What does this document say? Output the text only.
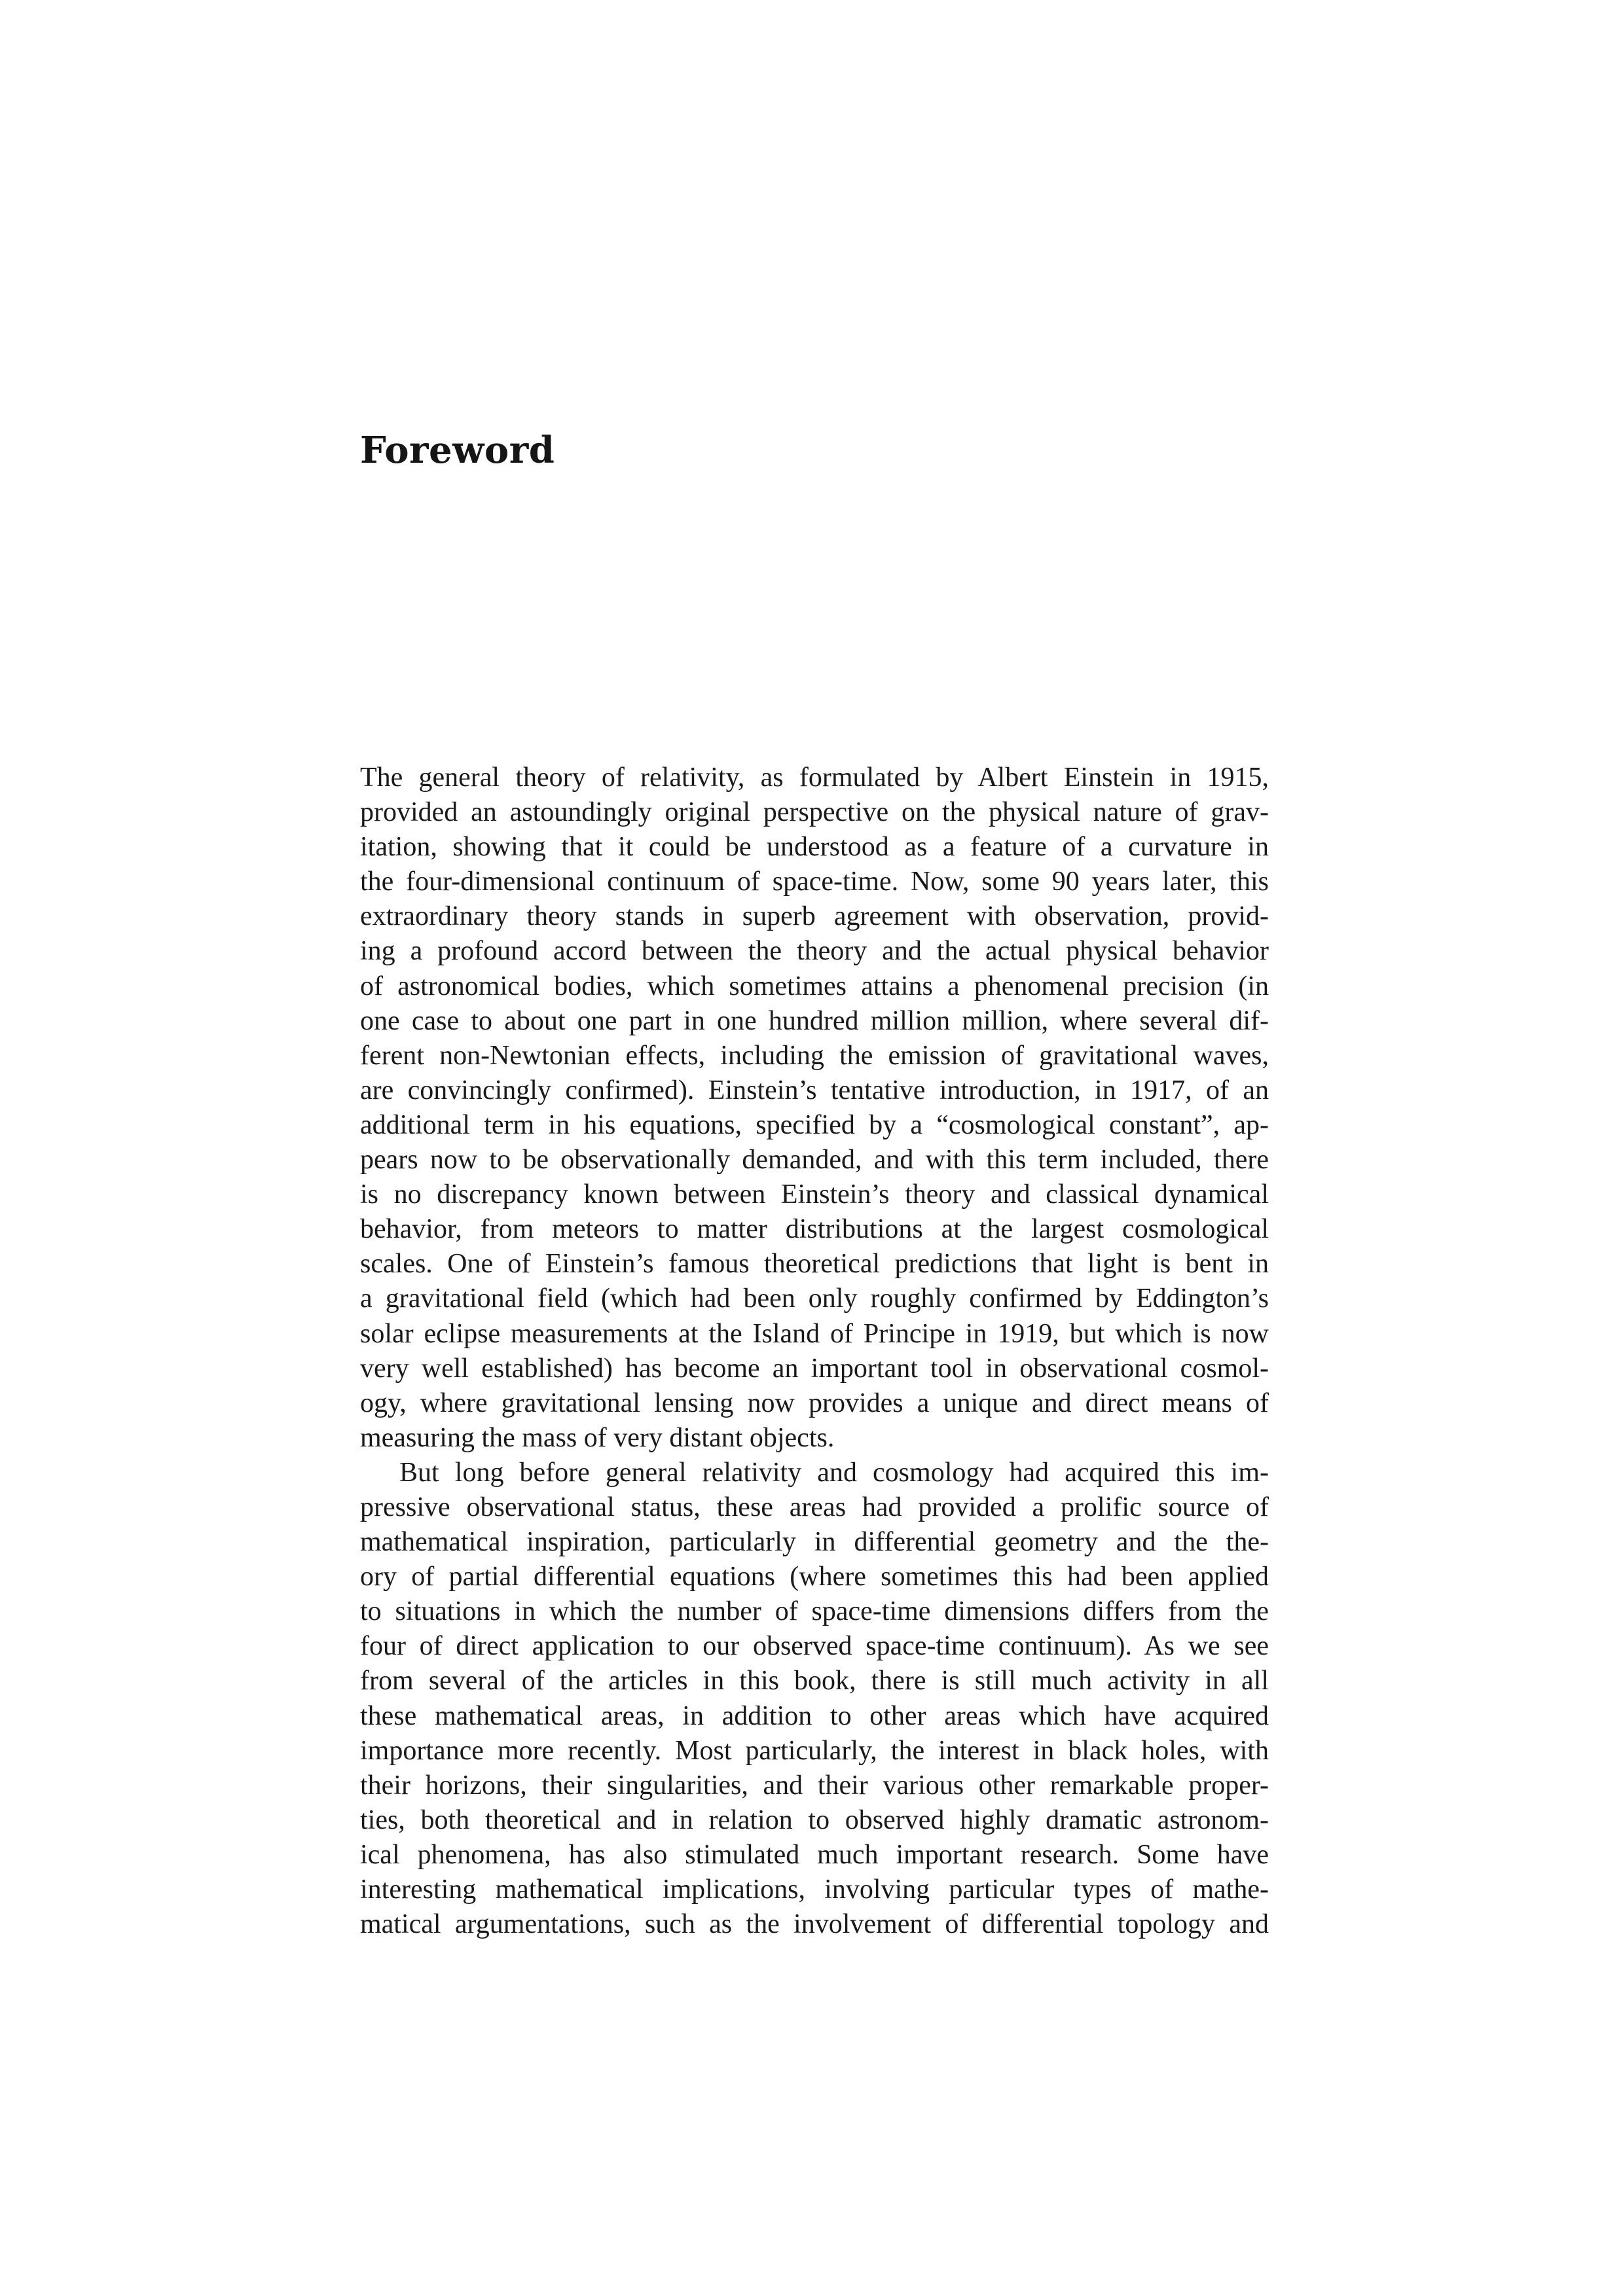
Foreword

The general theory of relativity, as formulated by Albert Einstein in 1915,
provided an astoundingly original perspective on the physical nature of grav-
itation, showing that it could be understood as a feature of a curvature in
the four-dimensional continuum of space-time. Now, some 90 years later, this
extraordinary theory stands in superb agreement with observation, provid-
ing a profound accord between the theory and the actual physical behavior
of astronomical bodies, which sometimes attains a phenomenal precision (in
one case to about one part in one hundred million million, where several dif-
ferent non-Newtonian effects, including the emission of gravitational waves,
are convincingly confirmed). Einstein’s tentative introduction, in 1917, of an
additional term in his equations, specified by a “cosmological constant”, ap-
pears now to be observationally demanded, and with this term included, there
is no discrepancy known between Einstein’s theory and classical dynamical
behavior, from meteors to matter distributions at the largest cosmological
scales. One of Einstein’s famous theoretical predictions that light is bent in
a gravitational field (which had been only roughly confirmed by Eddington’s
solar eclipse measurements at the Island of Principe in 1919, but which is now
very well established) has become an important tool in observational cosmol-
ogy, where gravitational lensing now provides a unique and direct means of
measuring the mass of very distant objects.

But long before general relativity and cosmology had acquired this im-
pressive observational status, these areas had provided a prolific source of
mathematical inspiration, particularly in differential geometry and the the-
ory of partial differential equations (where sometimes this had been applied
to situations in which the number of space-time dimensions differs from the
four of direct application to our observed space-time continuum). As we see
from several of the articles in this book, there is still much activity in all
these mathematical areas, in addition to other areas which have acquired
importance more recently. Most particularly, the interest in black holes, with
their horizons, their singularities, and their various other remarkable proper-
ties, both theoretical and in relation to observed highly dramatic astronom-
ical phenomena, has also stimulated much important research. Some have
interesting mathematical implications, involving particular types of mathe-
matical argumentations, such as the involvement of differential topology and
